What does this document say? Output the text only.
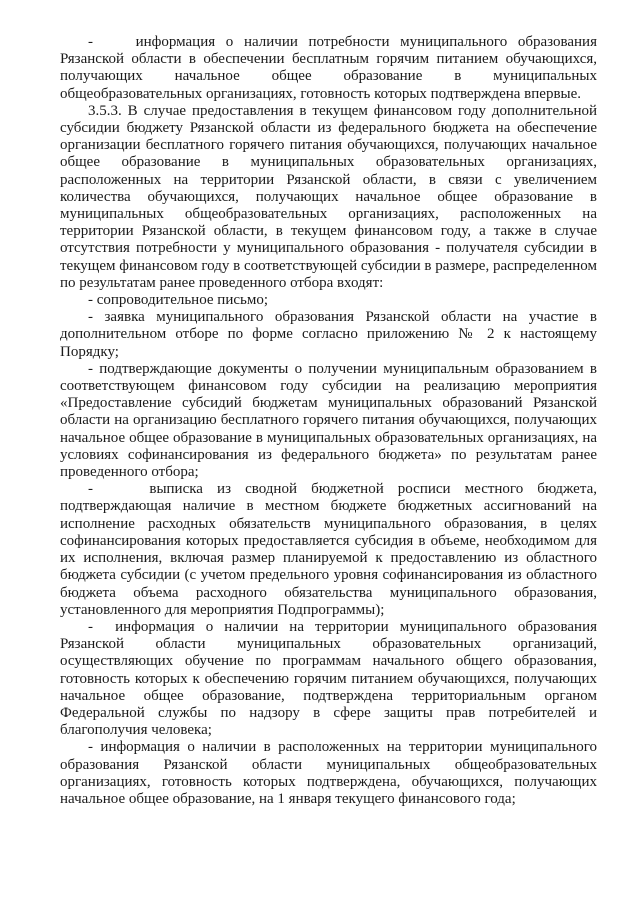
-    информация о наличии потребности муниципального образования Рязанской области в обеспечении бесплатным горячим питанием обучающихся, получающих начальное общее образование в муниципальных общеобразовательных организациях, готовность которых подтверждена впервые.

3.5.3. В случае предоставления в текущем финансовом году дополнительной субсидии бюджету Рязанской области из федерального бюджета на обеспечение организации бесплатного горячего питания обучающихся, получающих начальное общее образование в муниципальных образовательных организациях, расположенных на территории Рязанской области, в связи с увеличением количества обучающихся, получающих начальное общее образование в муниципальных общеобразовательных организациях, расположенных на территории Рязанской области, в текущем финансовом году, а также в случае отсутствия потребности у муниципального образования - получателя субсидии в текущем финансовом году в соответствующей субсидии в размере, распределенном по результатам ранее проведенного отбора входят:

- сопроводительное письмо;

- заявка муниципального образования Рязанской области на участие в дополнительном отборе по форме согласно приложению № 2 к настоящему Порядку;

- подтверждающие документы о получении муниципальным образованием в соответствующем финансовом году субсидии на реализацию мероприятия «Предоставление субсидий бюджетам муниципальных образований Рязанской области на организацию бесплатного горячего питания обучающихся, получающих начальное общее образование в муниципальных образовательных организациях, на условиях софинансирования из федерального бюджета» по результатам ранее проведенного отбора;

-    выписка из сводной бюджетной росписи местного бюджета, подтверждающая наличие в местном бюджете бюджетных ассигнований на исполнение расходных обязательств муниципального образования, в целях софинансирования которых предоставляется субсидия в объеме, необходимом для их исполнения, включая размер планируемой к предоставлению из областного бюджета субсидии (с учетом предельного уровня софинансирования из областного бюджета объема расходного обязательства муниципального образования, установленного для мероприятия Подпрограммы);

-  информация о наличии на территории муниципального образования Рязанской области муниципальных образовательных организаций, осуществляющих обучение по программам начального общего образования, готовность которых к обеспечению горячим питанием обучающихся, получающих начальное общее образование, подтверждена территориальным органом Федеральной службы по надзору в сфере защиты прав потребителей и благополучия человека;

- информация о наличии в расположенных на территории муниципального образования Рязанской области муниципальных общеобразовательных организациях, готовность которых подтверждена, обучающихся, получающих начальное общее образование, на 1 января текущего финансового года;
